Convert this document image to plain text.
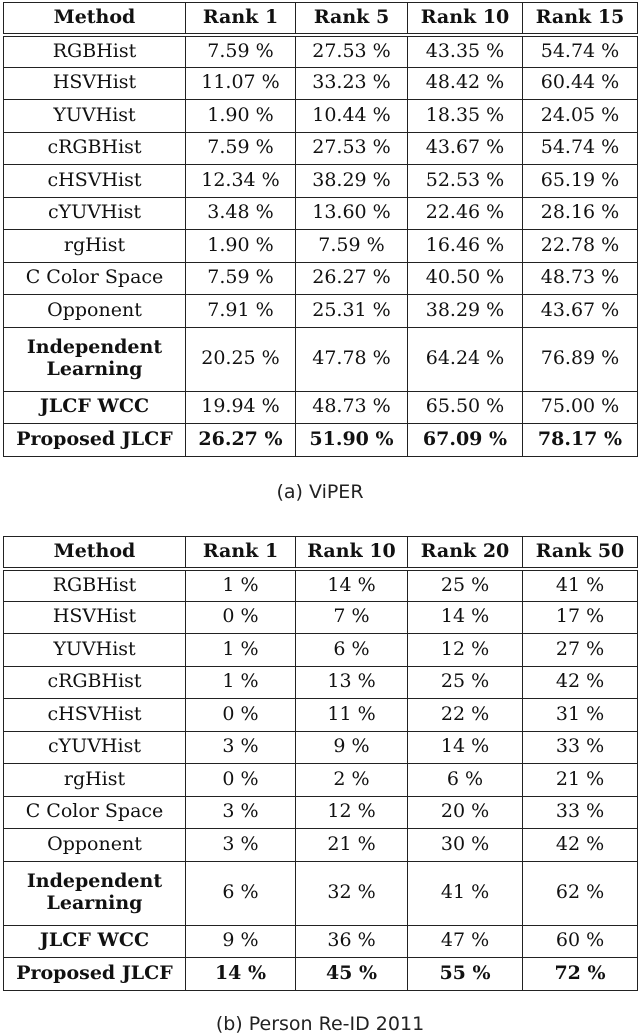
Method	Rank 1	Rank 5	Rank 10	Rank 15

RGBHist	7.59 %	27.53 %	43.35 %	54.74 %

HSVHist	11.07 %	33.23 %	48.42 %	60.44 %

YUVHist	1.90 %	10.44 %	18.35 %	24.05 %

cRGBHist	7.59 %	27.53 %	43.67 %	54.74 %

cHSVHist	12.34 %	38.29 %	52.53 %	65.19 %

cYUVHist	3.48 %	13.60 %	22.46 %	28.16 %

rgHist	1.90 %	7.59 %	16.46 %	22.78 %

C Color Space	7.59 %	26.27 %	40.50 %	48.73 %

Opponent	7.91 %	25.31 %	38.29 %	43.67 %

Independent
Learning	20.25 %	47.78 %	64.24 %	76.89 %

JLCF WCC	19.94 %	48.73 %	65.50 %	75.00 %

Proposed JLCF	26.27 %	51.90 %	67.09 %	78.17 %
(a) ViPER
Method	Rank 1	Rank 10	Rank 20	Rank 50

RGBHist	1 %	14 %	25 %	41 %

HSVHist	0 %	7 %	14 %	17 %

YUVHist	1 %	6 %	12 %	27 %

cRGBHist	1 %	13 %	25 %	42 %

cHSVHist	0 %	11 %	22 %	31 %

cYUVHist	3 %	9 %	14 %	33 %

rgHist	0 %	2 %	6 %	21 %

C Color Space	3 %	12 %	20 %	33 %

Opponent	3 %	21 %	30 %	42 %

Independent
Learning	6 %	32 %	41 %	62 %

JLCF WCC	9 %	36 %	47 %	60 %

Proposed JLCF	14 %	45 %	55 %	72 %
(b) Person Re-ID 2011
